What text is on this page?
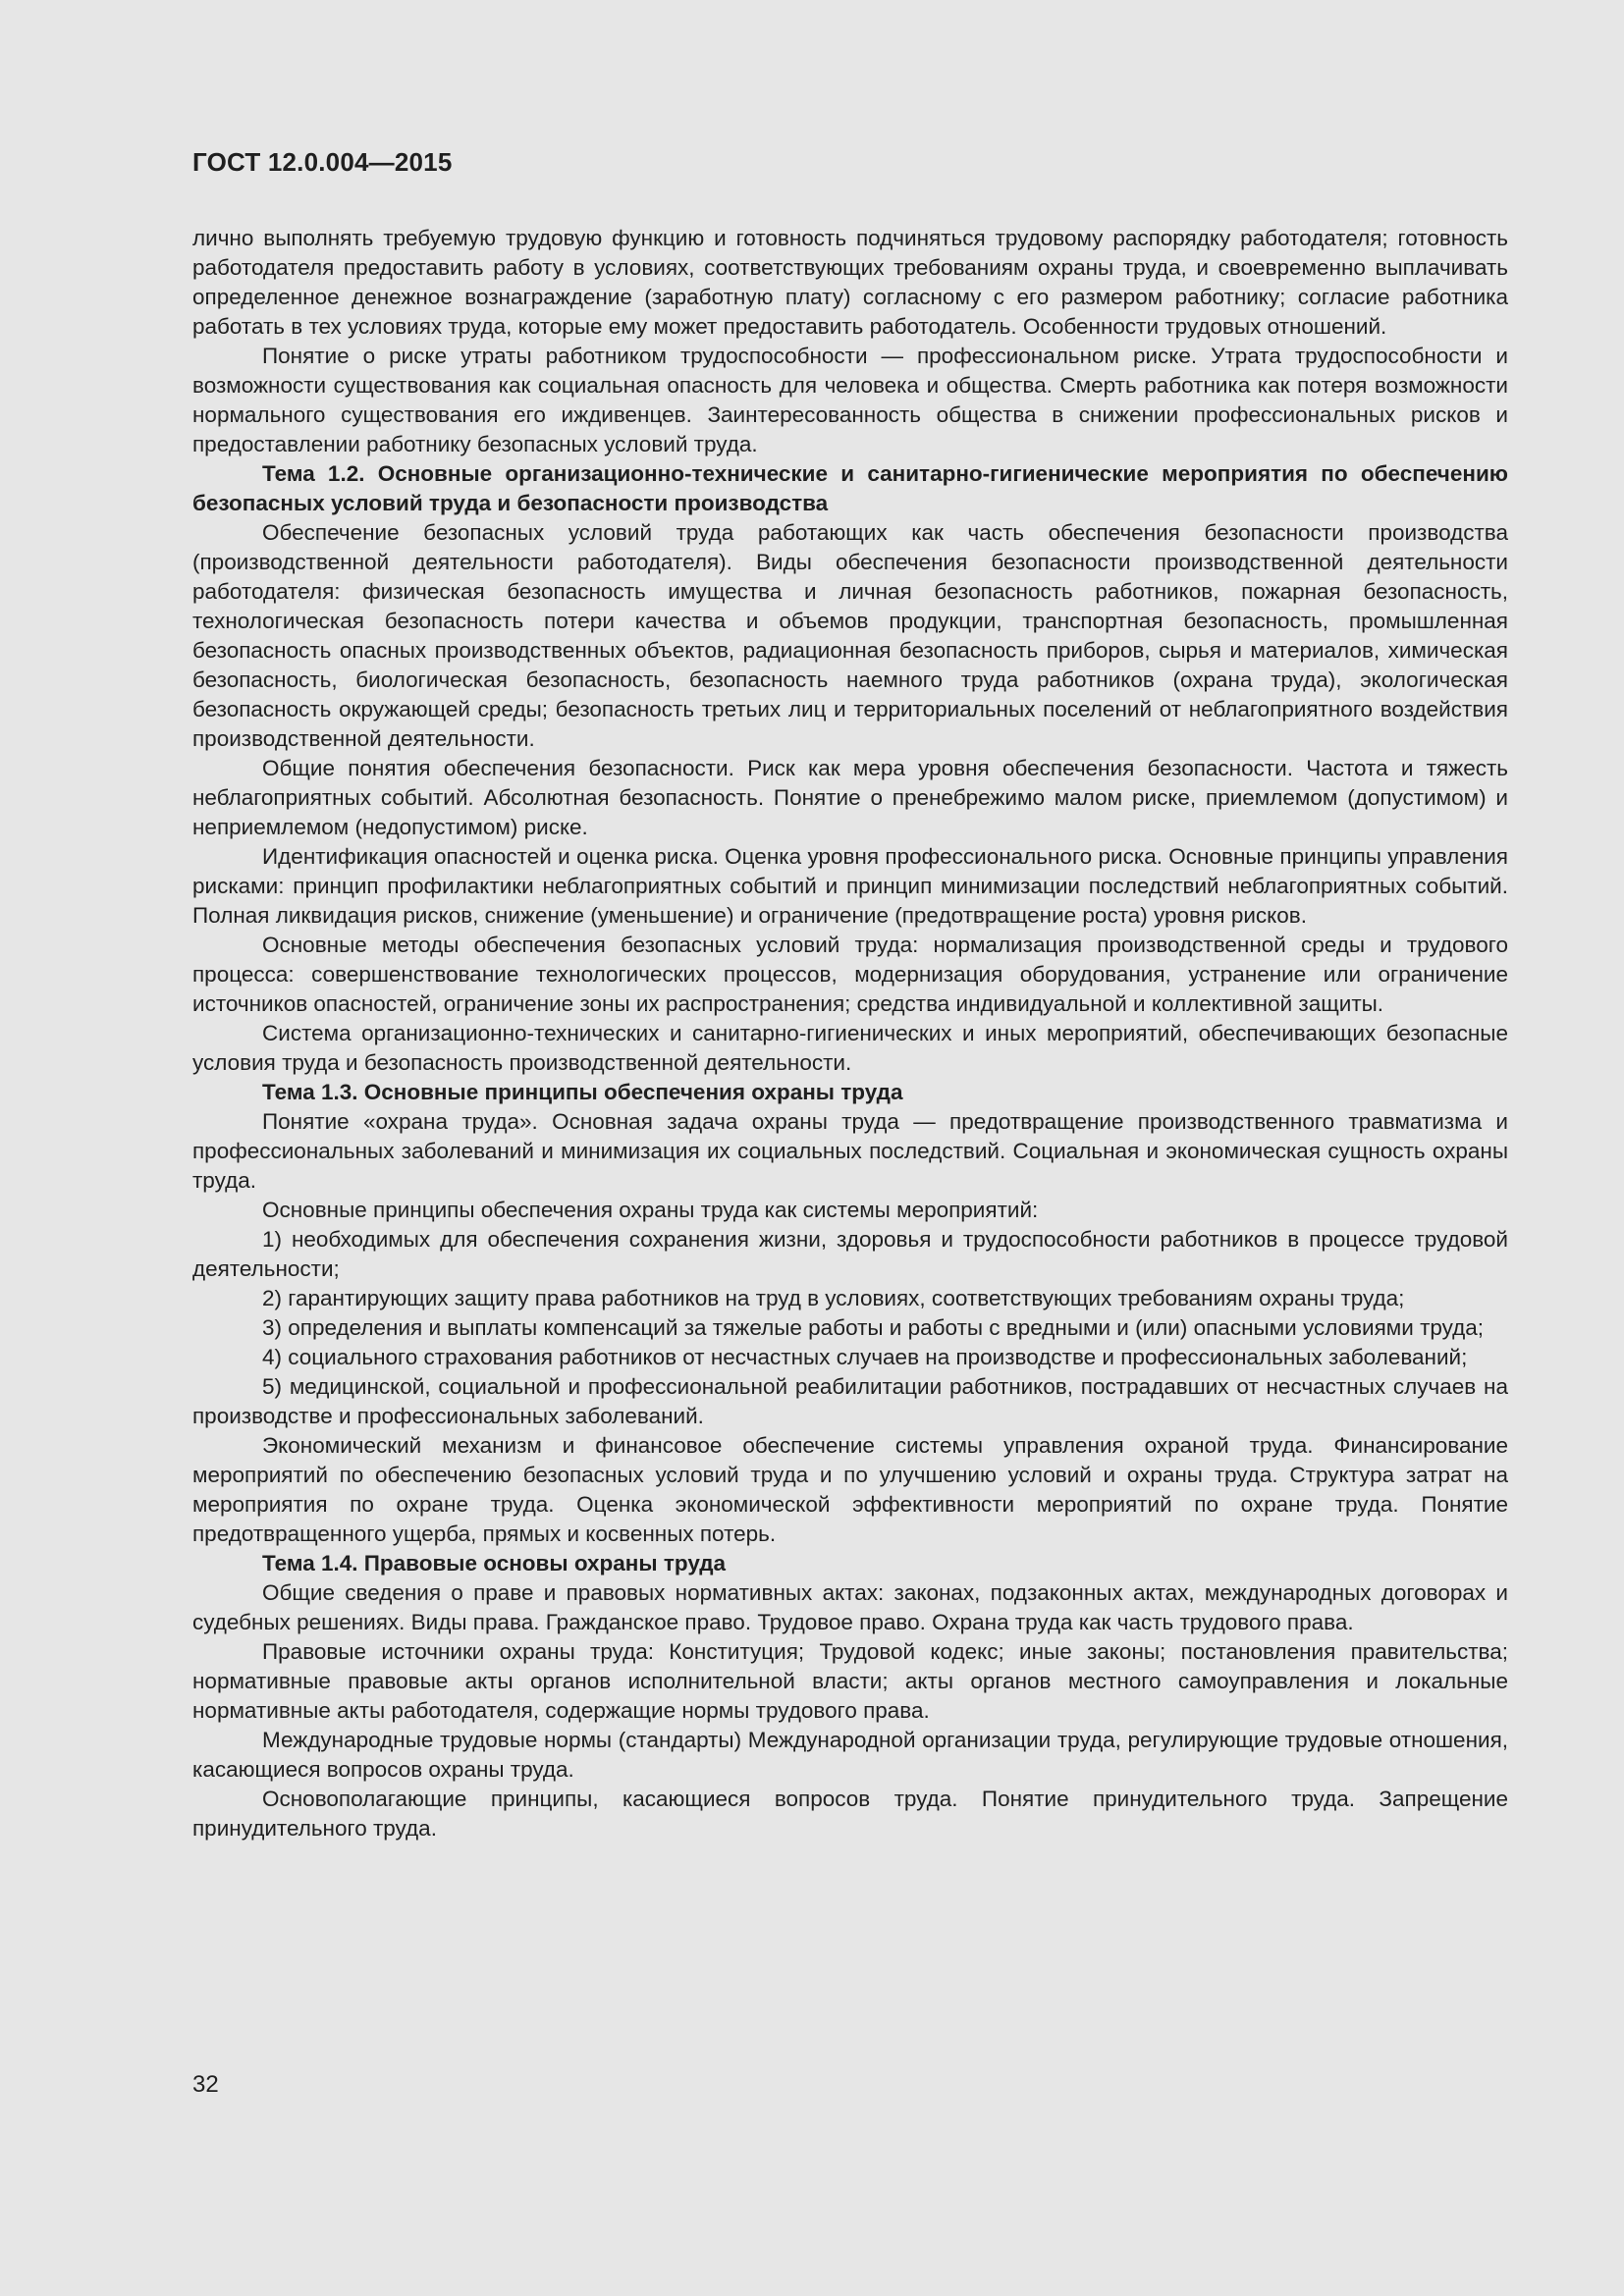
ГОСТ 12.0.004—2015

лично выполнять требуемую трудовую функцию и готовность подчиняться трудовому распорядку работодателя; готовность работодателя предоставить работу в условиях, соответствующих требованиям охраны труда, и своевременно выплачивать определенное денежное вознаграждение (заработную плату) согласному с его размером работнику; согласие работника работать в тех условиях труда, которые ему может предоставить работодатель. Особенности трудовых отношений.

Понятие о риске утраты работником трудоспособности — профессиональном риске. Утрата трудоспособности и возможности существования как социальная опасность для человека и общества. Смерть работника как потеря возможности нормального существования его иждивенцев. Заинтересованность общества в снижении профессиональных рисков и предоставлении работнику безопасных условий труда.

Тема 1.2. Основные организационно-технические и санитарно-гигиенические мероприятия по обеспечению безопасных условий труда и безопасности производства

Обеспечение безопасных условий труда работающих как часть обеспечения безопасности производства (производственной деятельности работодателя). Виды обеспечения безопасности производственной деятельности работодателя: физическая безопасность имущества и личная безопасность работников, пожарная безопасность, технологическая безопасность потери качества и объемов продукции, транспортная безопасность, промышленная безопасность опасных производственных объектов, радиационная безопасность приборов, сырья и материалов, химическая безопасность, биологическая безопасность, безопасность наемного труда работников (охрана труда), экологическая безопасность окружающей среды; безопасность третьих лиц и территориальных поселений от неблагоприятного воздействия производственной деятельности.

Общие понятия обеспечения безопасности. Риск как мера уровня обеспечения безопасности. Частота и тяжесть неблагоприятных событий. Абсолютная безопасность. Понятие о пренебрежимо малом риске, приемлемом (допустимом) и неприемлемом (недопустимом) риске.

Идентификация опасностей и оценка риска. Оценка уровня профессионального риска. Основные принципы управления рисками: принцип профилактики неблагоприятных событий и принцип минимизации последствий неблагоприятных событий. Полная ликвидация рисков, снижение (уменьшение) и ограничение (предотвращение роста) уровня рисков.

Основные методы обеспечения безопасных условий труда: нормализация производственной среды и трудового процесса: совершенствование технологических процессов, модернизация оборудования, устранение или ограничение источников опасностей, ограничение зоны их распространения; средства индивидуальной и коллективной защиты.

Система организационно-технических и санитарно-гигиенических и иных мероприятий, обеспечивающих безопасные условия труда и безопасность производственной деятельности.

Тема 1.3. Основные принципы обеспечения охраны труда

Понятие «охрана труда». Основная задача охраны труда — предотвращение производственного травматизма и профессиональных заболеваний и минимизация их социальных последствий. Социальная и экономическая сущность охраны труда.

Основные принципы обеспечения охраны труда как системы мероприятий:

1) необходимых для обеспечения сохранения жизни, здоровья и трудоспособности работников в процессе трудовой деятельности;

2) гарантирующих защиту права работников на труд в условиях, соответствующих требованиям охраны труда;

3) определения и выплаты компенсаций за тяжелые работы и работы с вредными и (или) опасными условиями труда;

4) социального страхования работников от несчастных случаев на производстве и профессиональных заболеваний;

5) медицинской, социальной и профессиональной реабилитации работников, пострадавших от несчастных случаев на производстве и профессиональных заболеваний.

Экономический механизм и финансовое обеспечение системы управления охраной труда. Финансирование мероприятий по обеспечению безопасных условий труда и по улучшению условий и охраны труда. Структура затрат на мероприятия по охране труда. Оценка экономической эффективности мероприятий по охране труда. Понятие предотвращенного ущерба, прямых и косвенных потерь.

Тема 1.4. Правовые основы охраны труда

Общие сведения о праве и правовых нормативных актах: законах, подзаконных актах, международных договорах и судебных решениях. Виды права. Гражданское право. Трудовое право. Охрана труда как часть трудового права.

Правовые источники охраны труда: Конституция; Трудовой кодекс; иные законы; постановления правительства; нормативные правовые акты органов исполнительной власти; акты органов местного самоуправления и локальные нормативные акты работодателя, содержащие нормы трудового права.

Международные трудовые нормы (стандарты) Международной организации труда, регулирующие трудовые отношения, касающиеся вопросов охраны труда.

Основополагающие принципы, касающиеся вопросов труда. Понятие принудительного труда. Запрещение принудительного труда.

32
